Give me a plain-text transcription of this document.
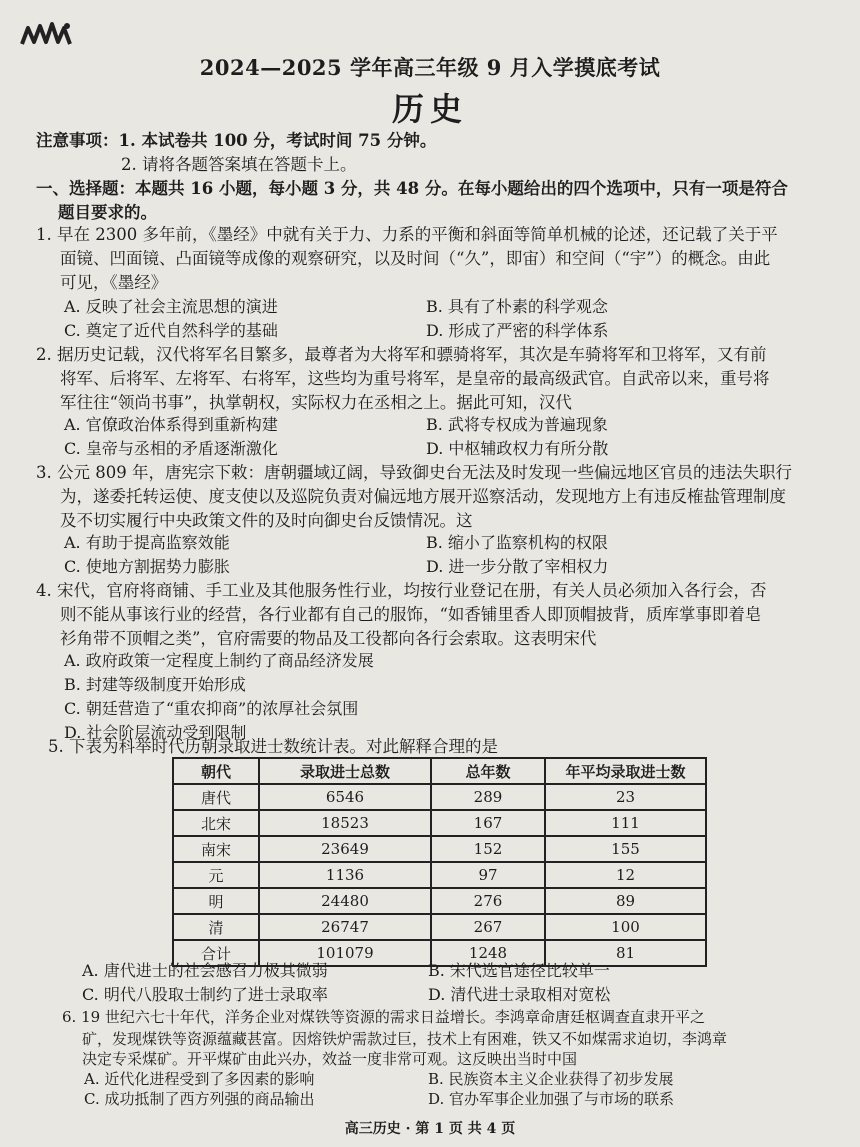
2024—2025 学年高三年级 9 月入学摸底考试
历史
注意事项：1. 本试卷共 100 分，考试时间 75 分钟。
2. 请将各题答案填在答题卡上。
一、选择题：本题共 16 小题，每小题 3 分，共 48 分。在每小题给出的四个选项中，只有一项是符合
题目要求的。
1. 早在 2300 多年前，《墨经》中就有关于力、力系的平衡和斜面等简单机械的论述，还记载了关于平
面镜、凹面镜、凸面镜等成像的观察研究，以及时间（“久”，即宙）和空间（“宇”）的概念。由此
可见，《墨经》
A. 反映了社会主流思想的演进	B. 具有了朴素的科学观念
C. 奠定了近代自然科学的基础	D. 形成了严密的科学体系
2. 据历史记载，汉代将军名目繁多，最尊者为大将军和骠骑将军，其次是车骑将军和卫将军，又有前
将军、后将军、左将军、右将军，这些均为重号将军，是皇帝的最高级武官。自武帝以来，重号将
军往往“领尚书事”，执掌朝权，实际权力在丞相之上。据此可知，汉代
A. 官僚政治体系得到重新构建	B. 武将专权成为普遍现象
C. 皇帝与丞相的矛盾逐渐激化	D. 中枢辅政权力有所分散
3. 公元 809 年，唐宪宗下敕：唐朝疆域辽阔，导致御史台无法及时发现一些偏远地区官员的违法失职行
为，遂委托转运使、度支使以及巡院负责对偏远地方展开巡察活动，发现地方上有违反榷盐管理制度
及不切实履行中央政策文件的及时向御史台反馈情况。这
A. 有助于提高监察效能	B. 缩小了监察机构的权限
C. 使地方割据势力膨胀	D. 进一步分散了宰相权力
4. 宋代，官府将商铺、手工业及其他服务性行业，均按行业登记在册，有关人员必须加入各行会，否
则不能从事该行业的经营，各行业都有自己的服饰，“如香铺里香人即顶帽披背，质库掌事即着皂
衫角带不顶帽之类”，官府需要的物品及工役都向各行会索取。这表明宋代
A. 政府政策一定程度上制约了商品经济发展
B. 封建等级制度开始形成
C. 朝廷营造了“重农抑商”的浓厚社会氛围
D. 社会阶层流动受到限制
5. 下表为科举时代历朝录取进士数统计表。对此解释合理的是
朝代	录取进士总数	总年数	年平均录取进士数
唐代	6546	289	23
北宋	18523	167	111
南宋	23649	152	155
元	1136	97	12
明	24480	276	89
清	26747	267	100
合计	101079	1248	81
A. 唐代进士的社会感召力极其微弱	B. 宋代选官途径比较单一
C. 明代八股取士制约了进士录取率	D. 清代进士录取相对宽松
6. 19 世纪六七十年代，洋务企业对煤铁等资源的需求日益增长。李鸿章命唐廷枢调查直隶开平之
矿，发现煤铁等资源蕴藏甚富。因熔铁炉需款过巨，技术上有困难，铁又不如煤需求迫切，李鸿章
决定专采煤矿。开平煤矿由此兴办，效益一度非常可观。这反映出当时中国
A. 近代化进程受到了多因素的影响	B. 民族资本主义企业获得了初步发展
C. 成功抵制了西方列强的商品输出	D. 官办军事企业加强了与市场的联系
高三历史 · 第 1 页 共 4 页
